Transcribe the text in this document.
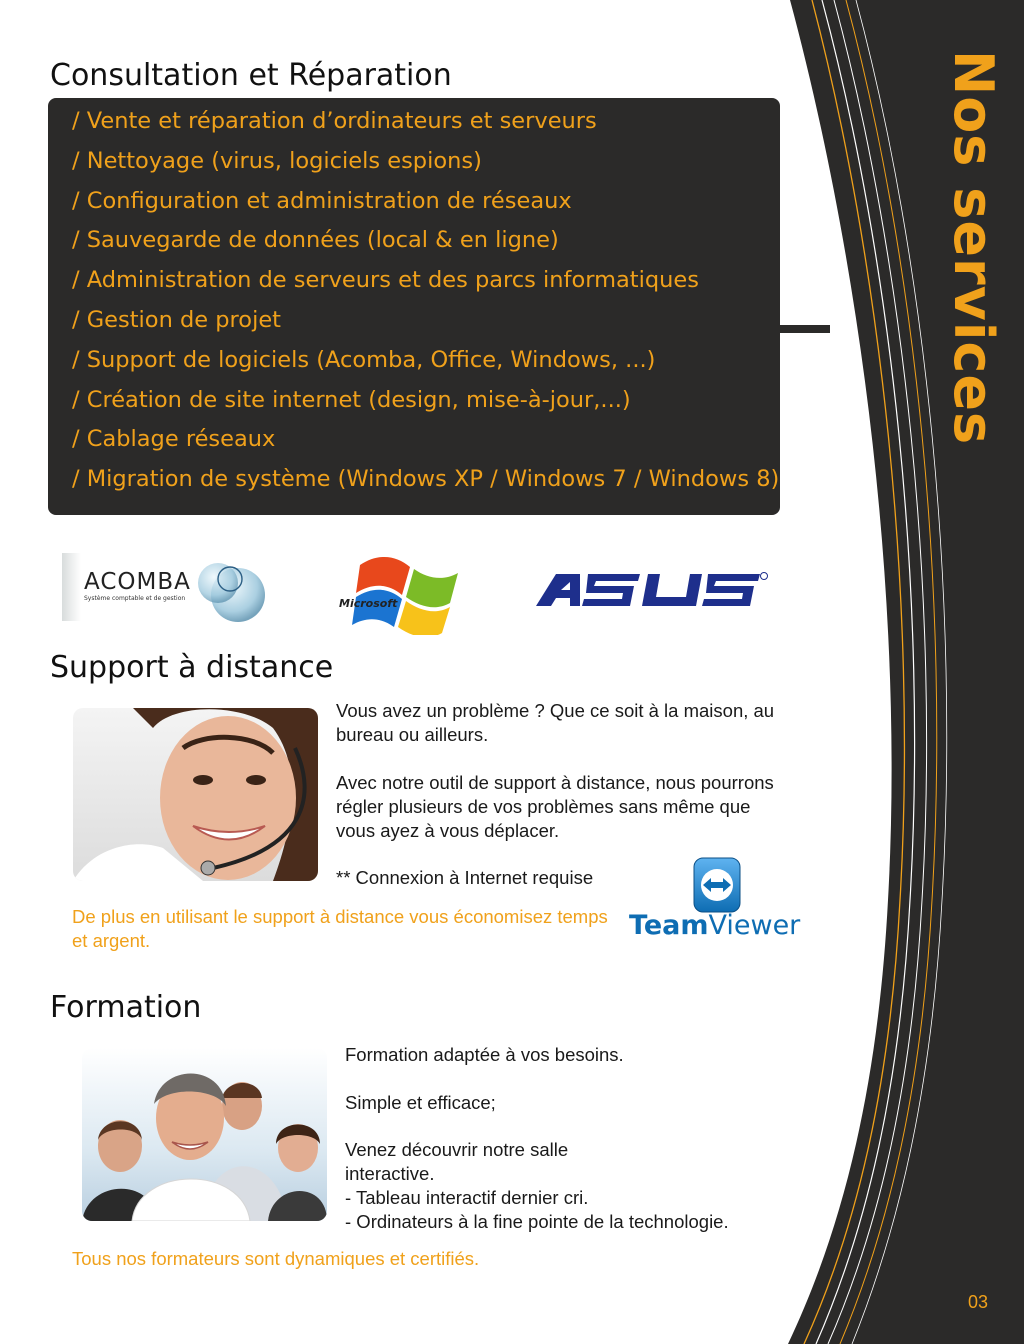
Nos services
Consultation et Réparation
/ Vente et réparation d’ordinateurs et serveurs
/ Nettoyage (virus, logiciels espions)
/ Configuration et administration de réseaux
/ Sauvegarde de données (local & en ligne)
/ Administration de serveurs et des parcs informatiques
/ Gestion de projet
/ Support de logiciels (Acomba, Office, Windows, ...)
/ Création de site internet (design, mise-à-jour,...)
/ Cablage réseaux
/ Migration de système (Windows XP / Windows 7 / Windows 8)
ACOMBA
Système comptable et de gestion	Microsoft
Support à distance
Vous avez un problème ? Que ce soit à la maison, au bureau ou ailleurs.
Avec notre outil de support à distance, nous pourrons régler plusieurs de vos problèmes sans même que vous ayez à vous déplacer.
** Connexion à Internet requise
De plus en utilisant le support à distance vous économisez temps et argent.	TeamViewer
Formation
Formation adaptée à vos besoins.
Simple et efficace;
Venez découvrir notre salle interactive.
- Tableau interactif dernier cri.
- Ordinateurs à la fine pointe de la technologie.
Tous nos formateurs sont dynamiques et certifiés.
03
